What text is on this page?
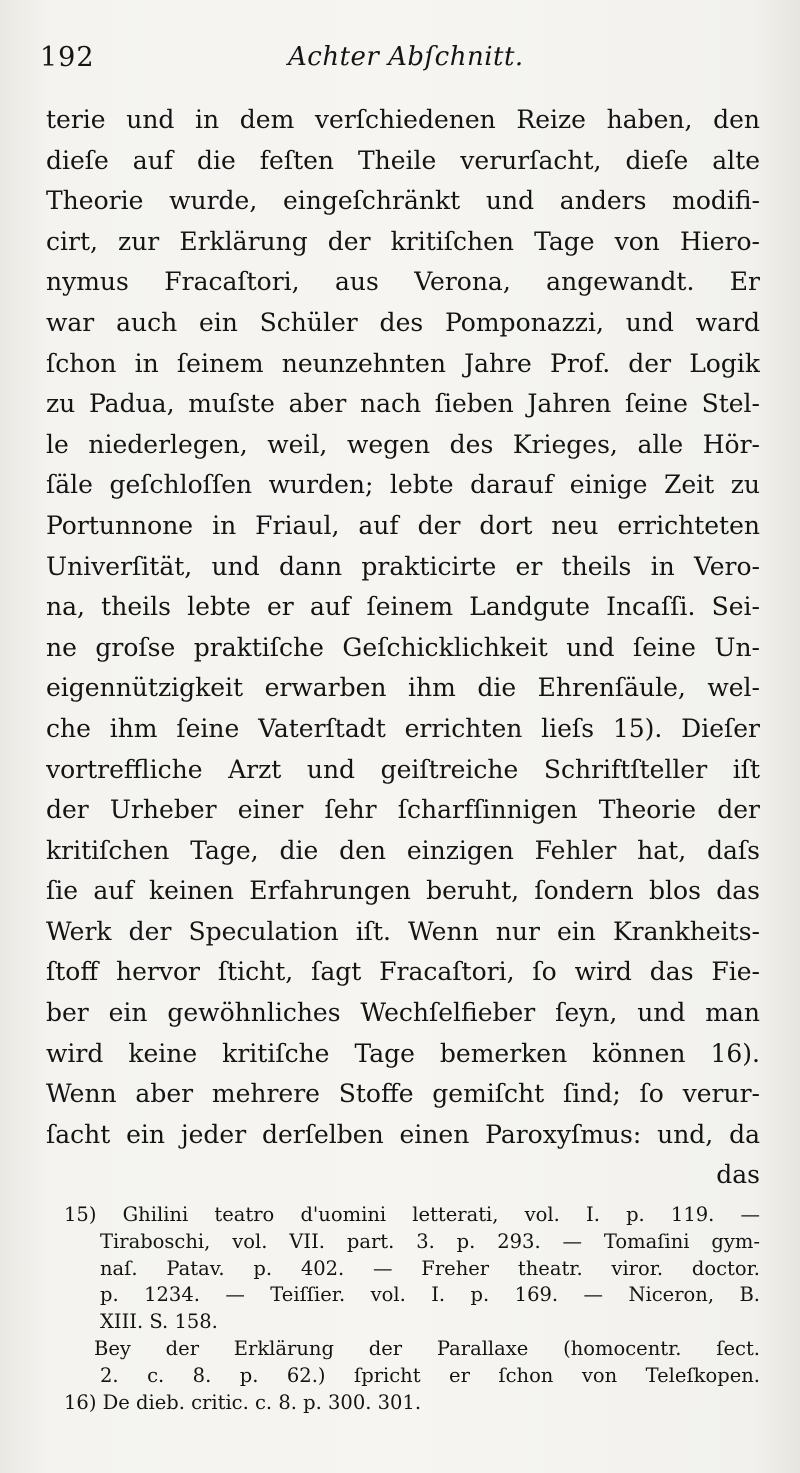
192	Achter Abſchnitt.
terie und in dem verſchiedenen Reize haben, den
dieſe auf die feſten Theile verurſacht, dieſe alte
Theorie wurde, eingeſchränkt und anders modifi-
cirt, zur Erklärung der kritiſchen Tage von Hiero-
nymus Fracaſtori, aus Verona, angewandt. Er
war auch ein Schüler des Pomponazzi, und ward
ſchon in ſeinem neunzehnten Jahre Prof. der Logik
zu Padua, muſste aber nach ſieben Jahren ſeine Stel-
le niederlegen, weil, wegen des Krieges, alle Hör-
ſäle geſchloſſen wurden; lebte darauf einige Zeit zu
Portunnone in Friaul, auf der dort neu errichteten
Univerſität, und dann prakticirte er theils in Vero-
na, theils lebte er auf ſeinem Landgute Incaſſi. Sei-
ne groſse praktiſche Geſchicklichkeit und ſeine Un-
eigennützigkeit erwarben ihm die Ehrenſäule, wel-
che ihm ſeine Vaterſtadt errichten lieſs 15). Dieſer
vortreffliche Arzt und geiſtreiche Schriftſteller iſt
der Urheber einer ſehr ſcharfſinnigen Theorie der
kritiſchen Tage, die den einzigen Fehler hat, daſs
ſie auf keinen Erfahrungen beruht, ſondern blos das
Werk der Speculation iſt. Wenn nur ein Krankheits-
ſtoff hervor ſticht, ſagt Fracaſtori, ſo wird das Fie-
ber ein gewöhnliches Wechſelfieber ſeyn, und man
wird keine kritiſche Tage bemerken können 16).
Wenn aber mehrere Stoffe gemiſcht ſind; ſo verur-
ſacht ein jeder derſelben einen Paroxyſmus: und, da
das
15) Ghilini teatro d'uomini letterati, vol. I. p. 119. —
Tiraboschi, vol. VII. part. 3. p. 293. — Tomaſini gym-
naſ. Patav. p. 402. — Freher theatr. viror. doctor.
p. 1234. — Teiſſier. vol. I. p. 169. — Niceron, B.
XIII. S. 158.
Bey der Erklärung der Parallaxe (homocentr. ſect.
2. c. 8. p. 62.) ſpricht er ſchon von Teleſkopen.
16) De dieb. critic. c. 8. p. 300. 301.
